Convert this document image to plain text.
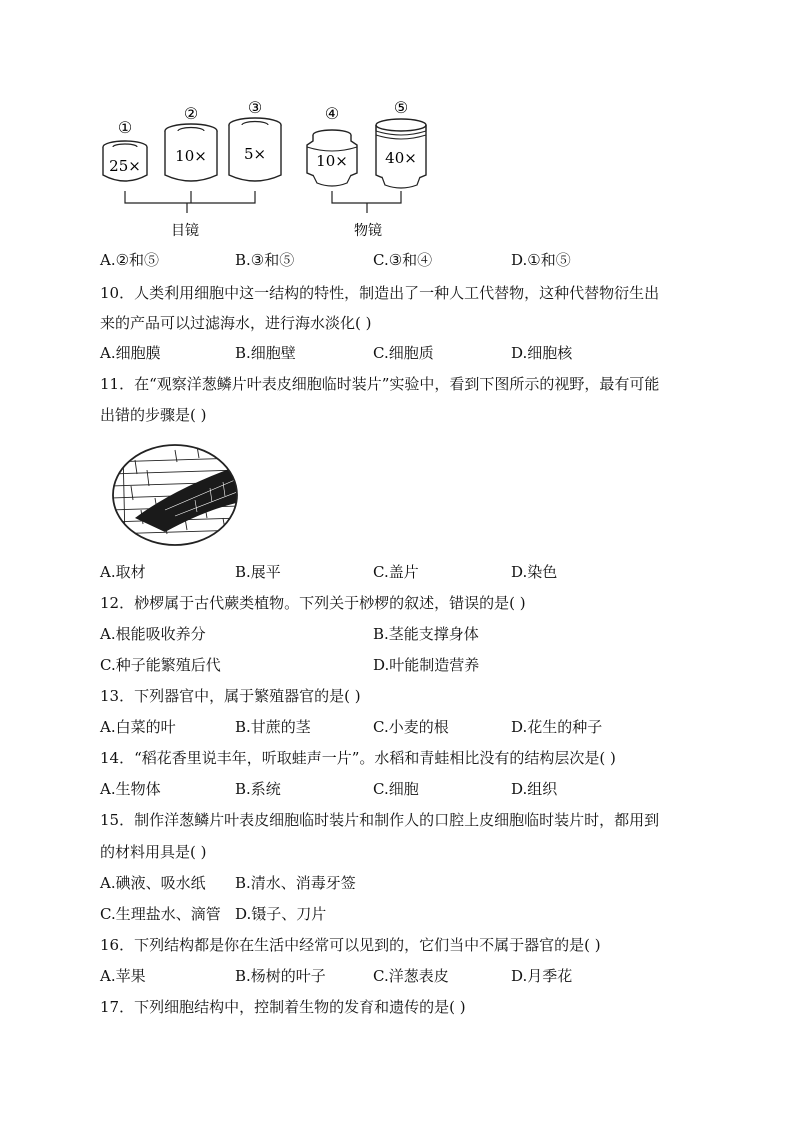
①
25×
②
10×
③
5×
④
10×
⑤
40×
目镜	物镜
A.②和⑤	B.③和⑤	C.③和④	D.①和⑤
10．人类利用细胞中这一结构的特性，制造出了一种人工代替物，这种代替物衍生出
来的产品可以过滤海水，进行海水淡化( )
A.细胞膜	B.细胞壁	C.细胞质	D.细胞核
11．在“观察洋葱鳞片叶表皮细胞临时装片”实验中，看到下图所示的视野，最有可能
出错的步骤是( )
A.取材	B.展平	C.盖片	D.染色
12．桫椤属于古代蕨类植物。下列关于桫椤的叙述，错误的是( )
A.根能吸收养分	B.茎能支撑身体
C.种子能繁殖后代	D.叶能制造营养
13．下列器官中，属于繁殖器官的是( )
A.白菜的叶	B.甘蔗的茎	C.小麦的根	D.花生的种子
14．“稻花香里说丰年，听取蛙声一片”。水稻和青蛙相比没有的结构层次是( )
A.生物体	B.系统	C.细胞	D.组织
15．制作洋葱鳞片叶表皮细胞临时装片和制作人的口腔上皮细胞临时装片时，都用到
的材料用具是( )
A.碘液、吸水纸 B.清水、消毒牙签
C.生理盐水、滴管 D.镊子、刀片
16．下列结构都是你在生活中经常可以见到的，它们当中不属于器官的是( )
A.苹果	B.杨树的叶子	C.洋葱表皮	D.月季花
17．下列细胞结构中，控制着生物的发育和遗传的是( )
